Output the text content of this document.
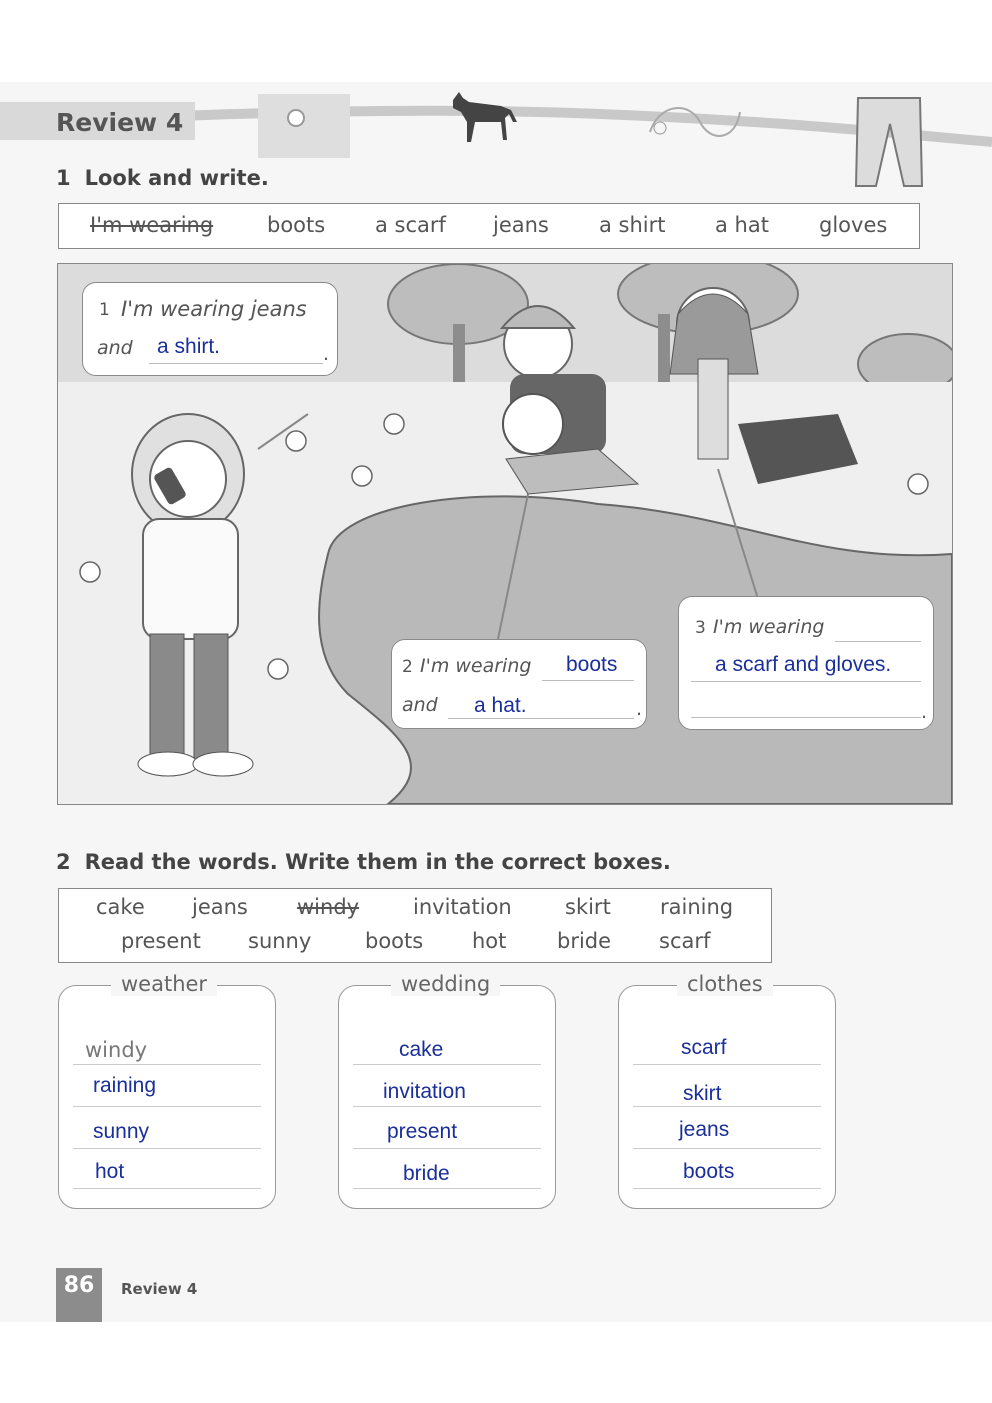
Review 4
1 Look and write.
I'm wearing	boots a scarf jeans a shirt a hat gloves
1 I'm wearing jeans
and a shirt.	.
2 I'm wearing boots
and a hat.	.
3 I'm wearing
a scarf and gloves.
.
2 Read the words. Write them in the correct boxes.
cake jeans windy	invitation	skirt raining
present sunny	boots hot bride scarf
weather
windy
raining
sunny
hot
wedding
cake
invitation
present
bride
clothes
scarf
skirt
jeans
boots
86	Review 4
